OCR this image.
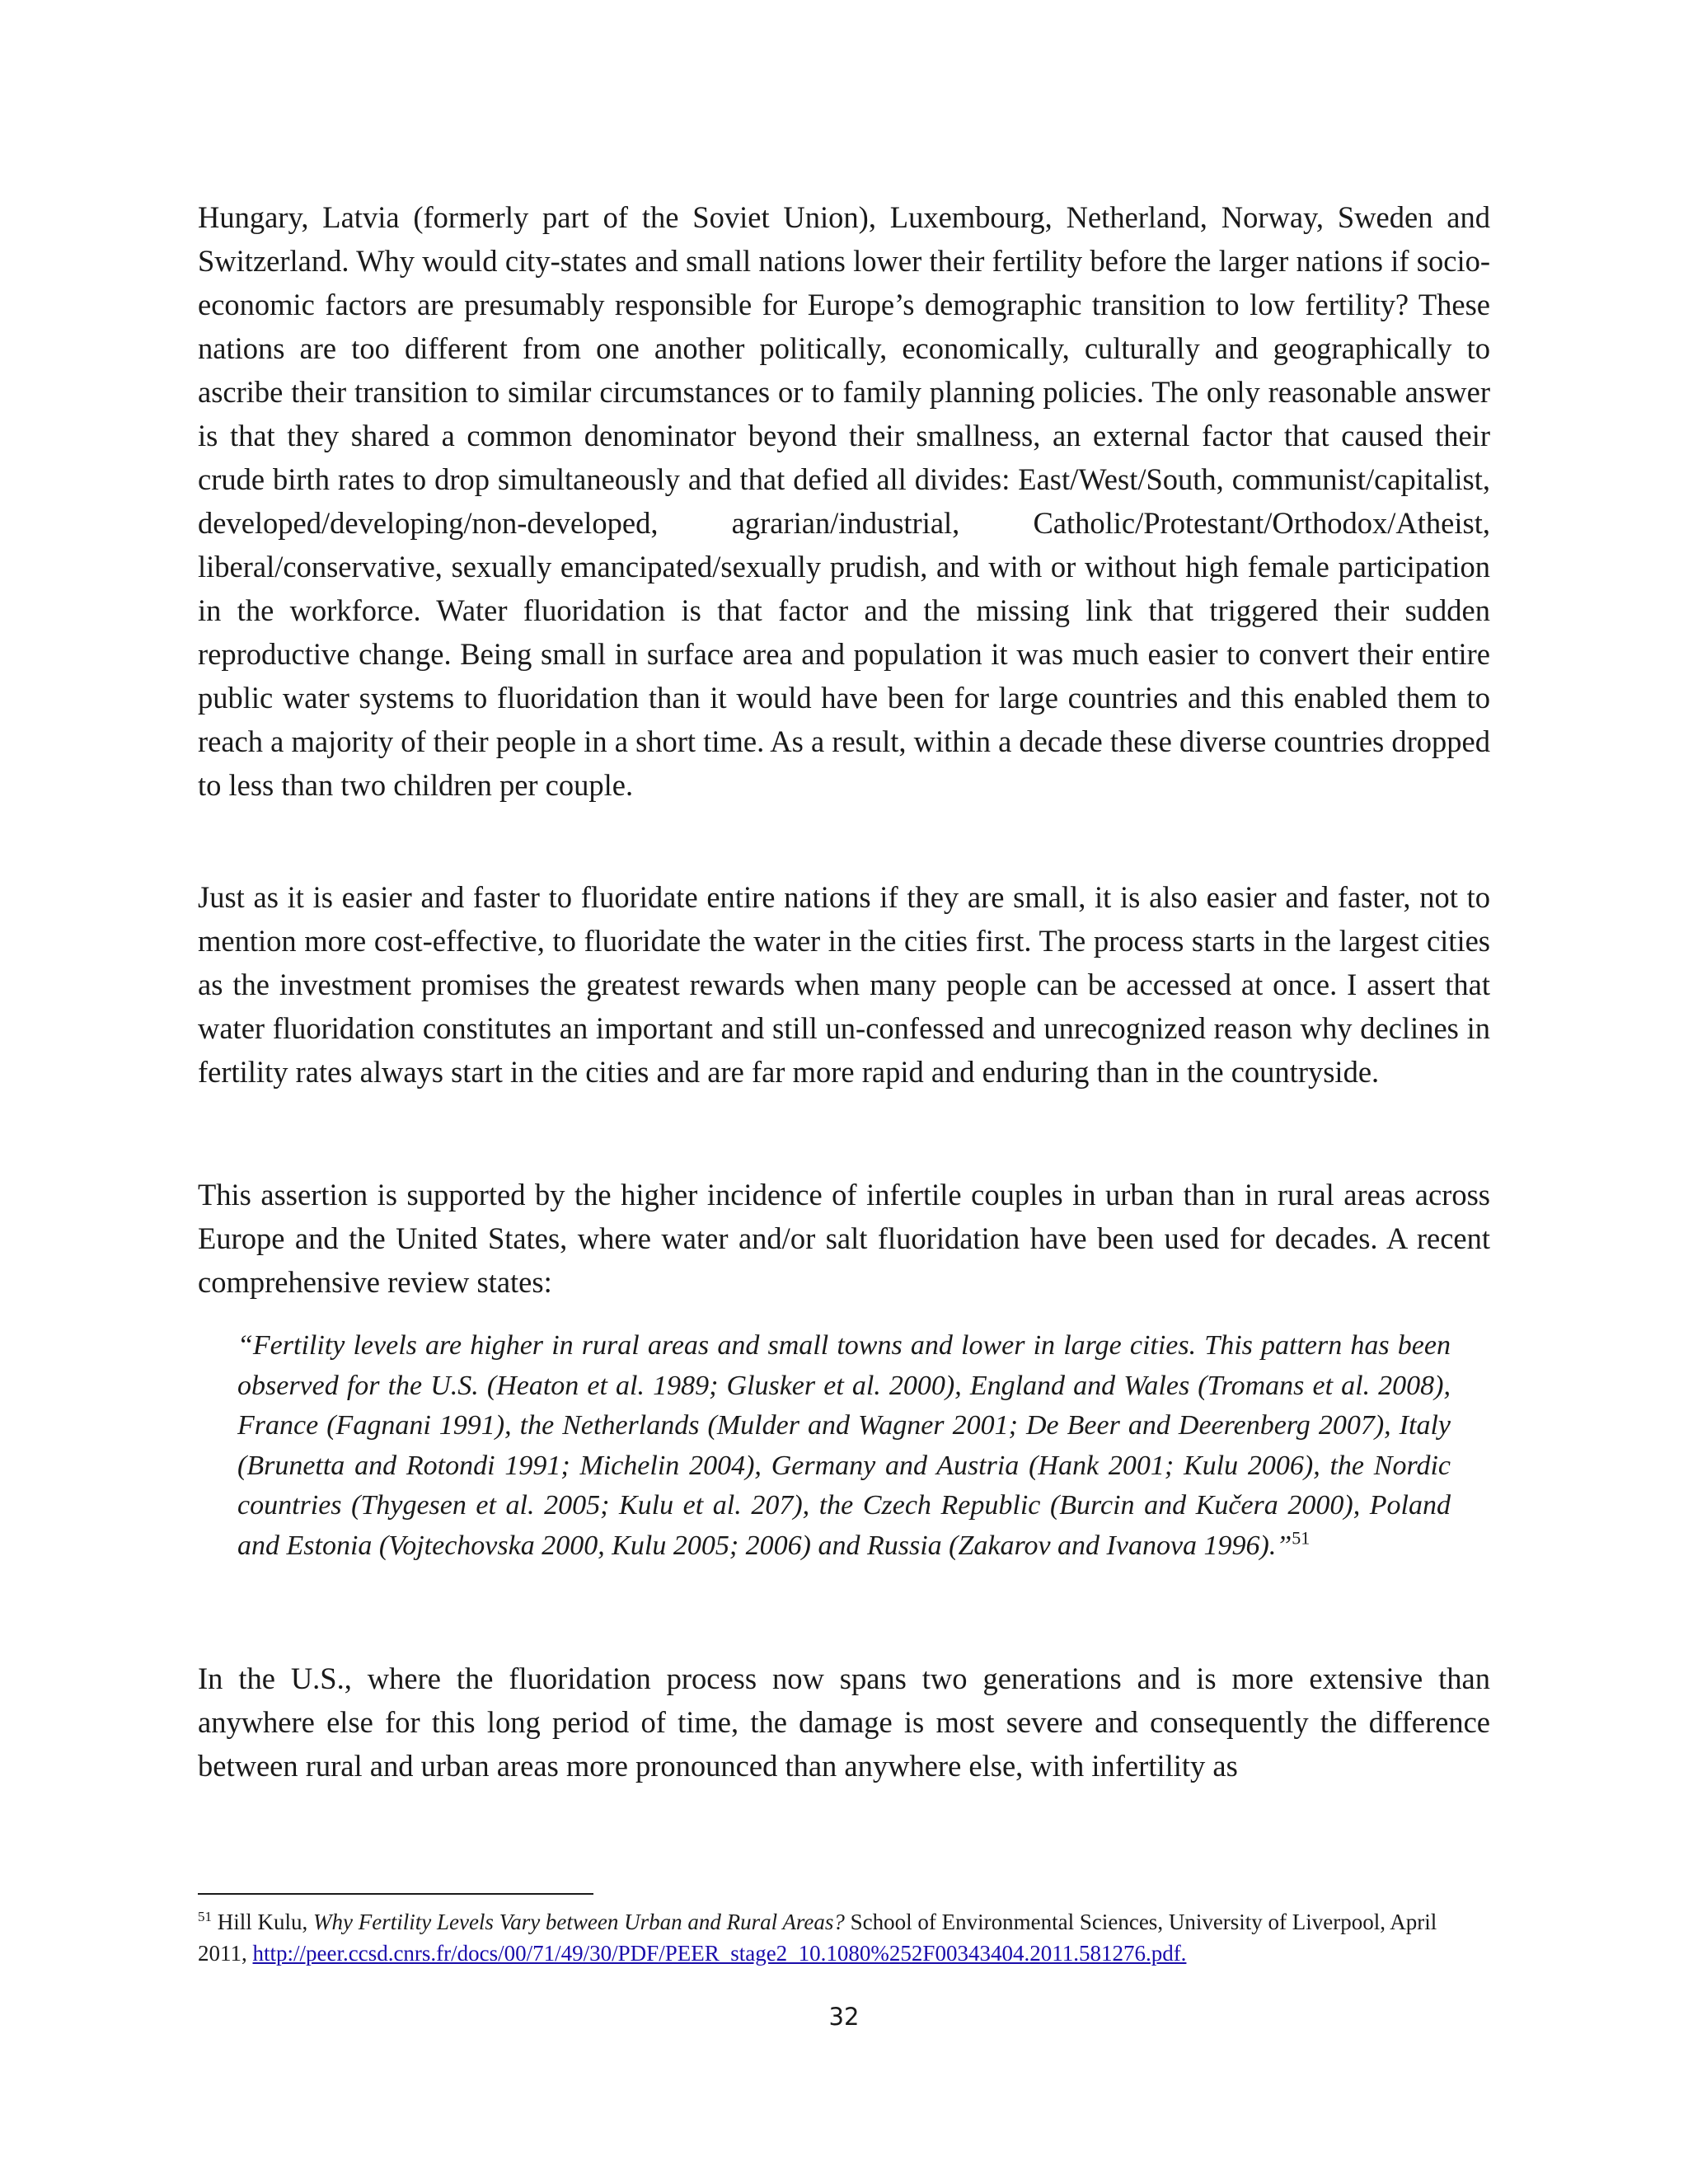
Hungary, Latvia (formerly part of the Soviet Union), Luxembourg, Netherland, Norway, Sweden and Switzerland. Why would city-states and small nations lower their fertility before the larger nations if socio-economic factors are presumably responsible for Europe’s demographic transition to low fertility? These nations are too different from one another politically, economically, culturally and geographically to ascribe their transition to similar circumstances or to family planning policies. The only reasonable answer is that they shared a common denominator beyond their smallness, an external factor that caused their crude birth rates to drop simultaneously and that defied all divides: East/West/South, communist/capitalist, developed/developing/non-developed, agrarian/industrial, Catholic/Protestant/Orthodox/Atheist, liberal/conservative, sexually emancipated/sexually prudish, and with or without high female participation in the workforce. Water fluoridation is that factor and the missing link that triggered their sudden reproductive change. Being small in surface area and population it was much easier to convert their entire public water systems to fluoridation than it would have been for large countries and this enabled them to reach a majority of their people in a short time. As a result, within a decade these diverse countries dropped to less than two children per couple.

Just as it is easier and faster to fluoridate entire nations if they are small, it is also easier and faster, not to mention more cost-effective, to fluoridate the water in the cities first. The process starts in the largest cities as the investment promises the greatest rewards when many people can be accessed at once. I assert that water fluoridation constitutes an important and still un-confessed and unrecognized reason why declines in fertility rates always start in the cities and are far more rapid and enduring than in the countryside.

This assertion is supported by the higher incidence of infertile couples in urban than in rural areas across Europe and the United States, where water and/or salt fluoridation have been used for decades. A recent comprehensive review states:

“Fertility levels are higher in rural areas and small towns and lower in large cities. This pattern has been observed for the U.S. (Heaton et al. 1989; Glusker et al. 2000), England and Wales (Tromans et al. 2008), France (Fagnani 1991), the Netherlands (Mulder and Wagner 2001; De Beer and Deerenberg 2007), Italy (Brunetta and Rotondi 1991; Michelin 2004), Germany and Austria (Hank 2001; Kulu 2006), the Nordic countries (Thygesen et al. 2005; Kulu et al. 207), the Czech Republic (Burcin and Kučera 2000), Poland and Estonia (Vojtechovska 2000, Kulu 2005; 2006) and Russia (Zakarov and Ivanova 1996).”$^{51}$

In the U.S., where the fluoridation process now spans two generations and is more extensive than anywhere else for this long period of time, the damage is most severe and consequently the difference between rural and urban areas more pronounced than anywhere else, with infertility as

$^{51}$ Hill Kulu, Why Fertility Levels Vary between Urban and Rural Areas? School of Environmental Sciences, University of Liverpool, April 2011, http://peer.ccsd.cnrs.fr/docs/00/71/49/30/PDF/PEER_stage2_10.1080%252F00343404.2011.581276.pdf.

32
